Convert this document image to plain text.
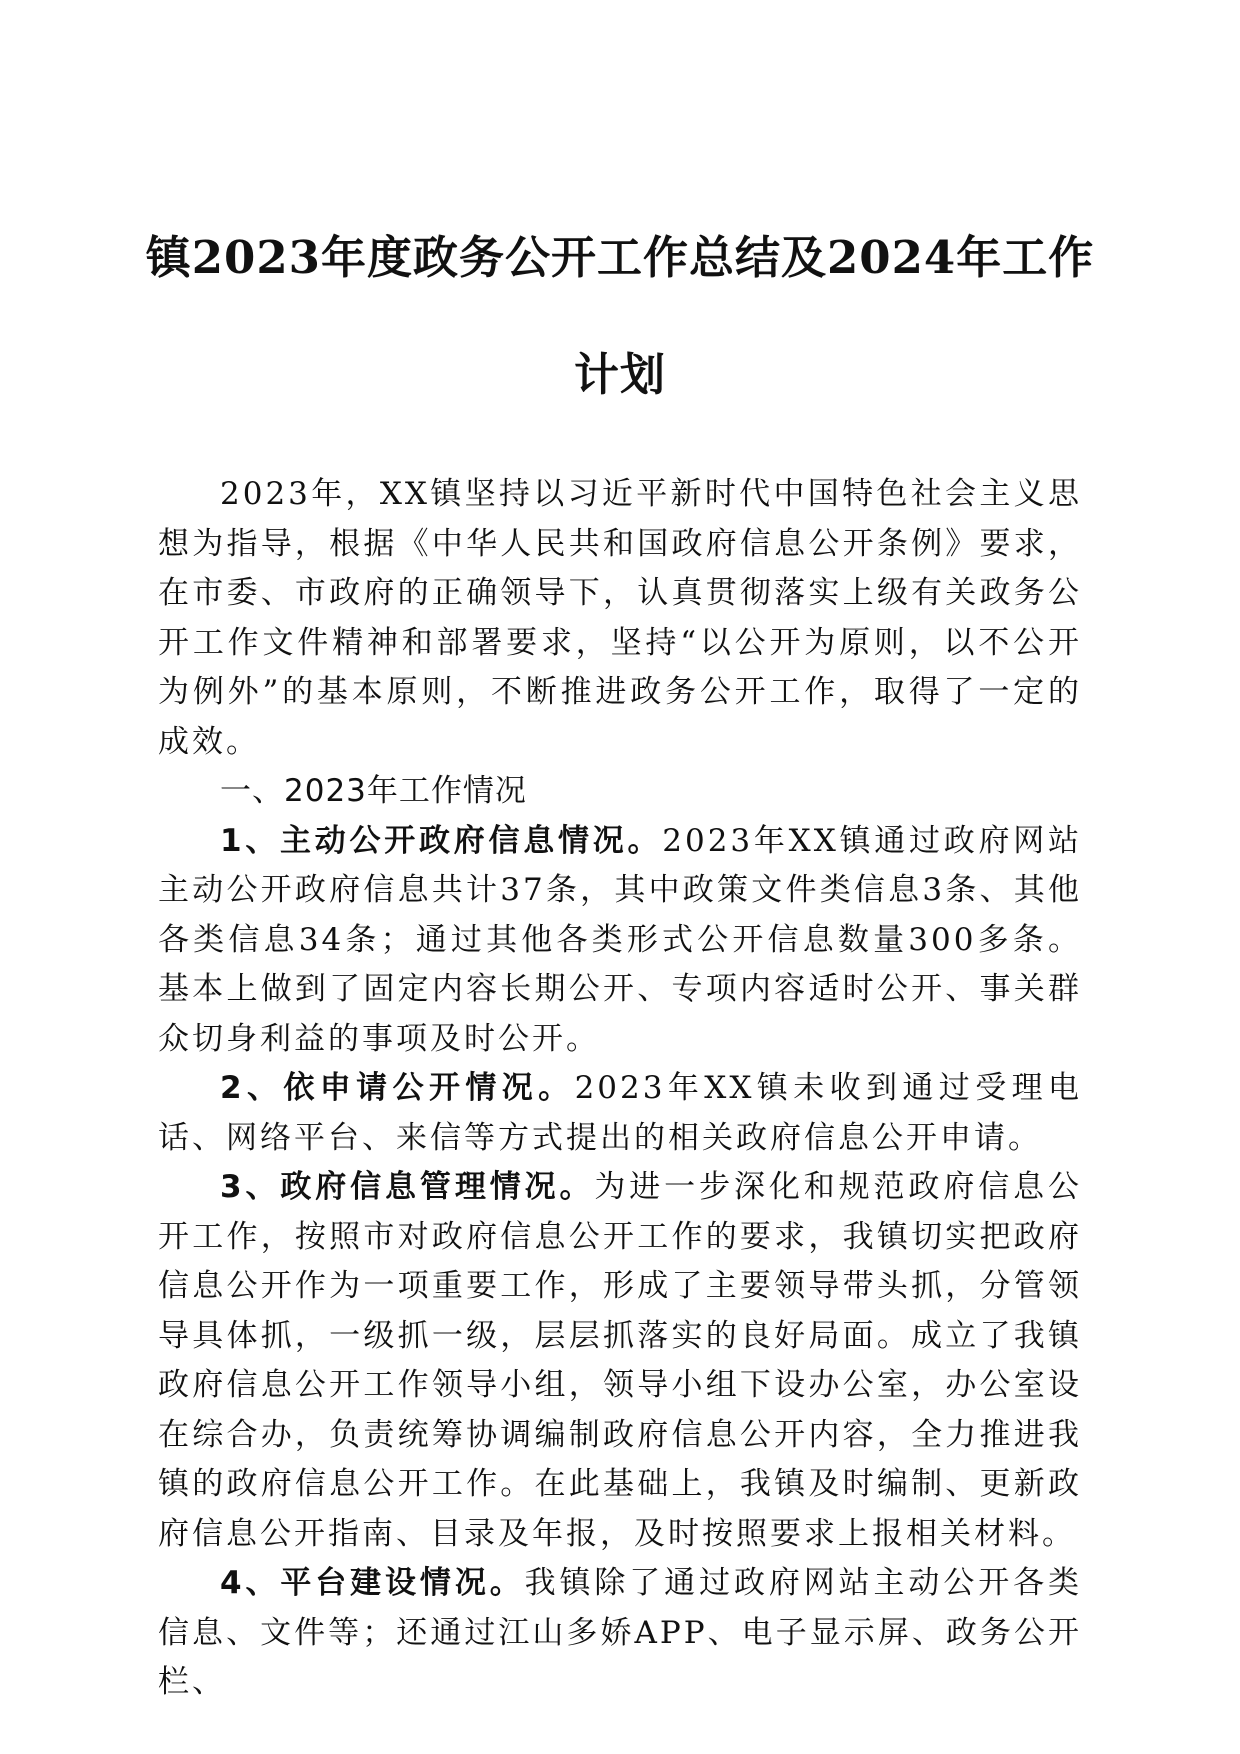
镇2023年度政务公开工作总结及2024年工作
计划

2023年，XX镇坚持以习近平新时代中国特色社会主义思想为指导，根据《中华人民共和国政府信息公开条例》要求，在市委、市政府的正确领导下，认真贯彻落实上级有关政务公开工作文件精神和部署要求，坚持“以公开为原则，以不公开为例外”的基本原则，不断推进政务公开工作，取得了一定的成效。

一、2023年工作情况

1、主动公开政府信息情况。2023年XX镇通过政府网站主动公开政府信息共计37条，其中政策文件类信息3条、其他各类信息34条；通过其他各类形式公开信息数量300多条。基本上做到了固定内容长期公开、专项内容适时公开、事关群众切身利益的事项及时公开。

2、依申请公开情况。2023年XX镇未收到通过受理电话、网络平台、来信等方式提出的相关政府信息公开申请。

3、政府信息管理情况。为进一步深化和规范政府信息公开工作，按照市对政府信息公开工作的要求，我镇切实把政府信息公开作为一项重要工作，形成了主要领导带头抓，分管领导具体抓，一级抓一级，层层抓落实的良好局面。成立了我镇政府信息公开工作领导小组，领导小组下设办公室，办公室设在综合办，负责统筹协调编制政府信息公开内容，全力推进我镇的政府信息公开工作。在此基础上，我镇及时编制、更新政府信息公开指南、目录及年报，及时按照要求上报相关材料。

4、平台建设情况。我镇除了通过政府网站主动公开各类信息、文件等；还通过江山多娇APP、电子显示屏、政务公开栏、
